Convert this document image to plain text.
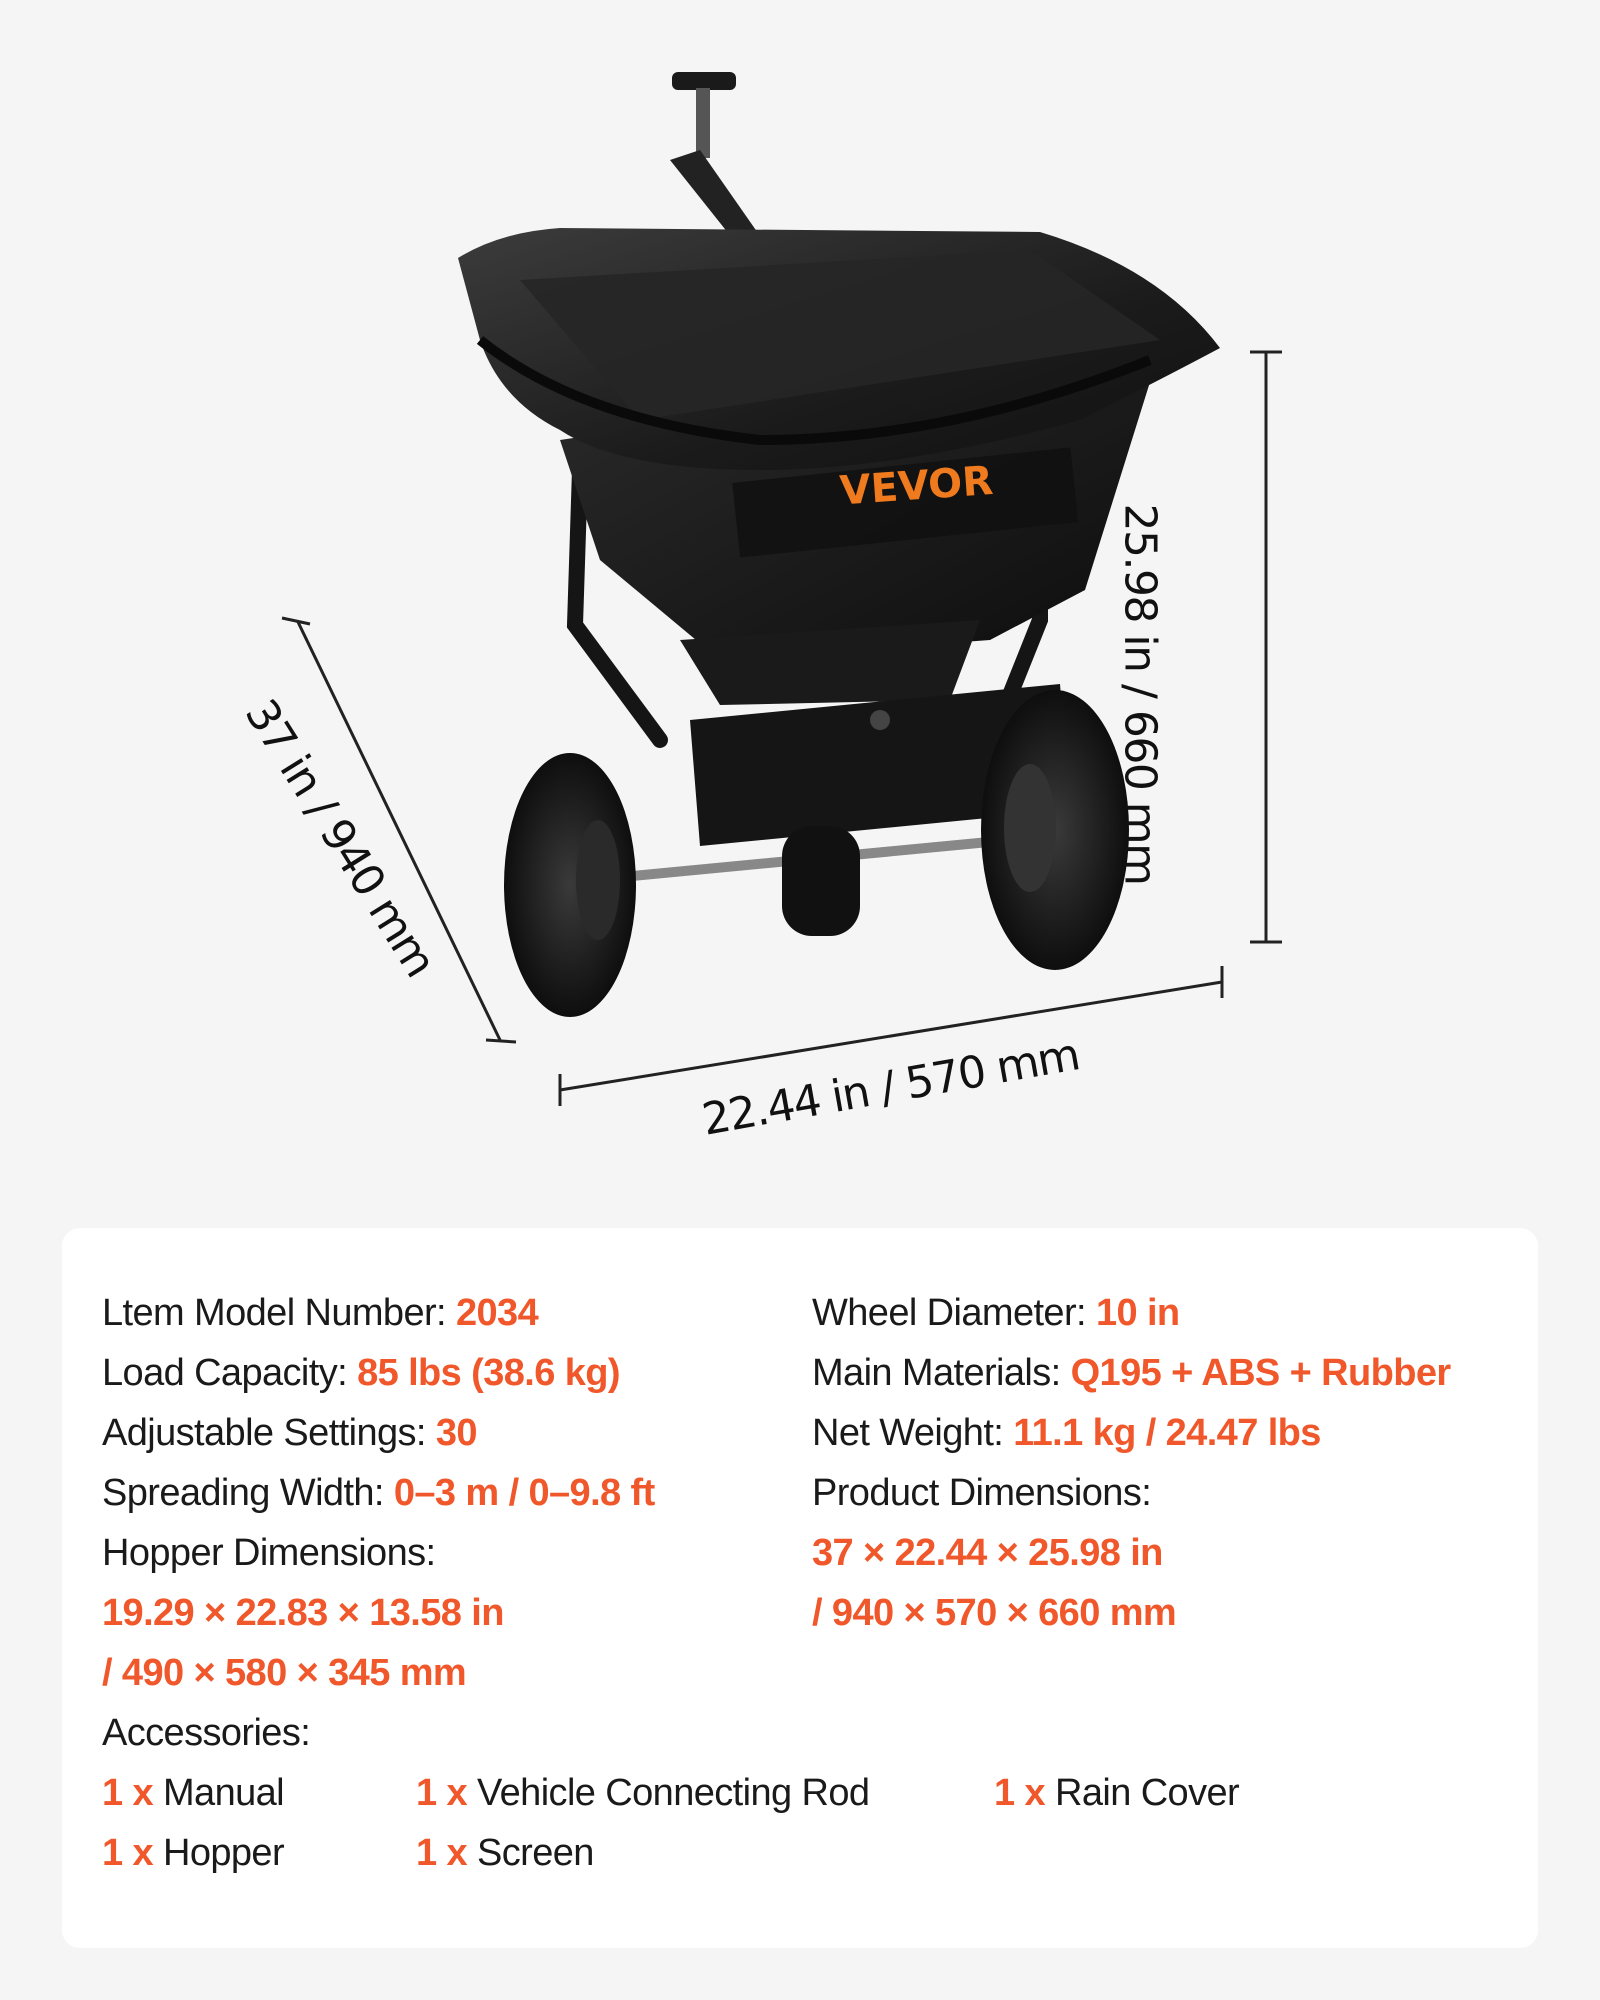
VEVOR
22.44 in / 570 mm
25.98 in / 660 mm
37 in / 940 mm
Ltem Model Number: 2034
Load Capacity: 85 lbs (38.6 kg)
Adjustable Settings: 30
Spreading Width: 0–3 m / 0–9.8 ft
Hopper Dimensions:
19.29 × 22.83 × 13.58 in
/ 490 × 580 × 345 mm
Wheel Diameter: 10 in
Main Materials: Q195 + ABS + Rubber
Net Weight: 11.1 kg / 24.47 lbs
Product Dimensions:
37 × 22.44 × 25.98 in
/ 940 × 570 × 660 mm
Accessories:
1 x Manual	1 x Vehicle Connecting Rod	1 x Rain Cover
1 x Hopper	1 x Screen
